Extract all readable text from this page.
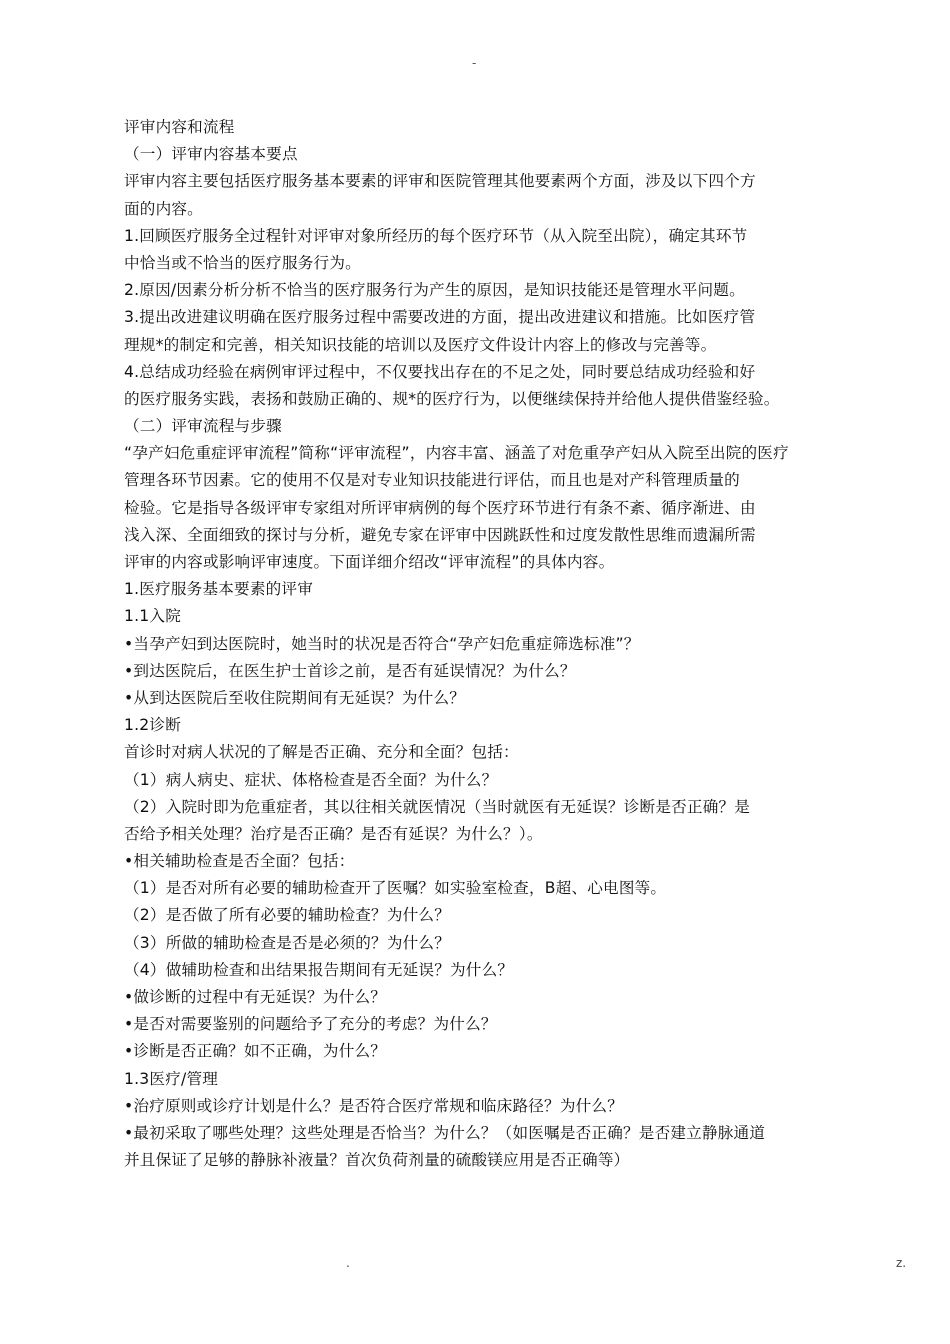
-
评审内容和流程
（一）评审内容基本要点
评审内容主要包括医疗服务基本要素的评审和医院管理其他要素两个方面，涉及以下四个方
面的内容。
1.回顾医疗服务全过程针对评审对象所经历的每个医疗环节（从入院至出院），确定其环节
中恰当或不恰当的医疗服务行为。
2.原因/因素分析分析不恰当的医疗服务行为产生的原因，是知识技能还是管理水平问题。
3.提出改进建议明确在医疗服务过程中需要改进的方面，提出改进建议和措施。比如医疗管
理规*的制定和完善，相关知识技能的培训以及医疗文件设计内容上的修改与完善等。
4.总结成功经验在病例审评过程中，不仅要找出存在的不足之处，同时要总结成功经验和好
的医疗服务实践，表扬和鼓励正确的、规*的医疗行为，以便继续保持并给他人提供借鉴经验。
（二）评审流程与步骤
“孕产妇危重症评审流程”简称“评审流程”，内容丰富、涵盖了对危重孕产妇从入院至出院的医疗
管理各环节因素。它的使用不仅是对专业知识技能进行评估，而且也是对产科管理质量的
检验。它是指导各级评审专家组对所评审病例的每个医疗环节进行有条不紊、循序渐进、由
浅入深、全面细致的探讨与分析，避免专家在评审中因跳跃性和过度发散性思维而遗漏所需
评审的内容或影响评审速度。下面详细介绍改“评审流程”的具体内容。
1.医疗服务基本要素的评审
1.1入院
•当孕产妇到达医院时，她当时的状况是否符合“孕产妇危重症筛选标准”？
•到达医院后，在医生护士首诊之前，是否有延误情况？为什么？
•从到达医院后至收住院期间有无延误？为什么？
1.2诊断
首诊时对病人状况的了解是否正确、充分和全面？包括：
（1）病人病史、症状、体格检查是否全面？为什么？
（2）入院时即为危重症者，其以往相关就医情况（当时就医有无延误？诊断是否正确？是
否给予相关处理？治疗是否正确？是否有延误？为什么？）。
•相关辅助检查是否全面？包括：
（1）是否对所有必要的辅助检查开了医嘱？如实验室检查，B超、心电图等。
（2）是否做了所有必要的辅助检查？为什么？
（3）所做的辅助检查是否是必须的？为什么？
（4）做辅助检查和出结果报告期间有无延误？为什么？
•做诊断的过程中有无延误？为什么？
•是否对需要鉴别的问题给予了充分的考虑？为什么？
•诊断是否正确？如不正确，为什么？
1.3医疗/管理
•治疗原则或诊疗计划是什么？是否符合医疗常规和临床路径？为什么？
•最初采取了哪些处理？这些处理是否恰当？为什么？（如医嘱是否正确？是否建立静脉通道
并且保证了足够的静脉补液量？首次负荷剂量的硫酸镁应用是否正确等）
.	z.
